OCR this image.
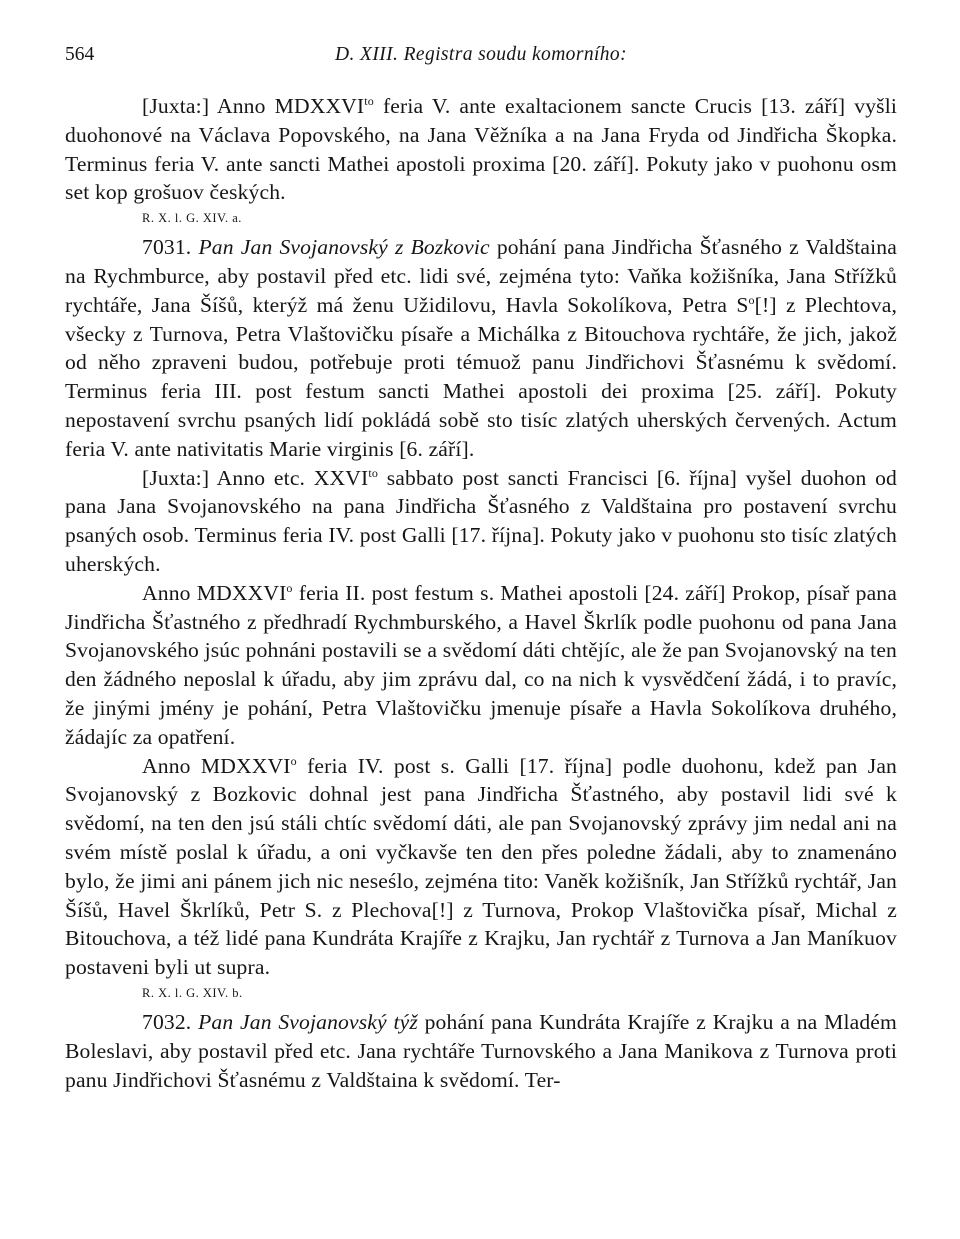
564	D. XIII. Registra soudu komorního:

[Juxta:] Anno $MDXXVI^{to}$ feria V. ante exaltacionem sancte Crucis [13. září] vyšli duohonové na Václava Popovského, na Jana Věžníka a na Jana Fryda od Jindřicha Škopka. Terminus feria V. ante sancti Mathei apostoli proxima [20. září]. Pokuty jako v puohonu osm set kop grošuov českých.

R. X. l. G. XIV. a.

7031. Pan Jan Svojanovský z Bozkovic pohání pana Jindřicha Šťasného z Valdštaina na Rychmburce, aby postavil před etc. lidi své, zejména tyto: Vaňka kožišníka, Jana Střížků rychtáře, Jana Šíšů, kterýž má ženu Užidilovu, Havla Sokolíkova, Petra $S^o[!]$ z Plechtova, všecky z Turnova, Petra Vlaštovičku písaře a Michálka z Bitouchova rychtáře, že jich, jakož od něho zpraveni budou, potřebuje proti témuož panu Jindřichovi Šťasnému k svědomí. Terminus feria III. post festum sancti Mathei apostoli dei proxima [25. září]. Pokuty nepostavení svrchu psaných lidí pokládá sobě sto tisíc zlatých uherských červených. Actum feria V. ante nativitatis Marie virginis [6. září].

[Juxta:] Anno etc. $XXVI^{to}$ sabbato post sancti Francisci [6. října] vyšel duohon od pana Jana Svojanovského na pana Jindřicha Šťasného z Valdštaina pro postavení svrchu psaných osob. Terminus feria IV. post Galli [17. října]. Pokuty jako v puohonu sto tisíc zlatých uherských.

Anno MDXXVI$^o$ feria II. post festum s. Mathei apostoli [24. září] Prokop, písař pana Jindřicha Šťastného z předhradí Rychmburského, a Havel Škrlík podle puohonu od pana Jana Svojanovského jsúc pohnáni postavili se a svědomí dáti chtějíc, ale že pan Svojanovský na ten den žádného neposlal k úřadu, aby jim zprávu dal, co na nich k vysvědčení žádá, i to pravíc, že jinými jmény je pohání, Petra Vlaštovičku jmenuje písaře a Havla Sokolíkova druhého, žádajíc za opatření.

Anno MDXXVI$^o$ feria IV. post s. Galli [17. října] podle duohonu, kdež pan Jan Svojanovský z Bozkovic dohnal jest pana Jindřicha Šťastného, aby postavil lidi své k svědomí, na ten den jsú stáli chtíc svědomí dáti, ale pan Svojanovský zprávy jim nedal ani na svém místě poslal k úřadu, a oni vyčkavše ten den přes poledne žádali, aby to znamenáno bylo, že jimi ani pánem jich nic neseślo, zejména tito: Vaněk kožišník, Jan Střížků rychtář, Jan Šíšů, Havel Škrlíků, Petr S. z Plechova[!] z Turnova, Prokop Vlaštovička písař, Michal z Bitouchova, a též lidé pana Kundráta Krajíře z Krajku, Jan rychtář z Turnova a Jan Maníkuov postaveni byli ut supra.

R. X. l. G. XIV. b.

7032. Pan Jan Svojanovský týž pohání pana Kundráta Krajíře z Krajku a na Mladém Boleslavi, aby postavil před etc. Jana rychtáře Turnovského a Jana Manikova z Turnova proti panu Jindřichovi Šťasnému z Valdštaina k svědomí. Ter-
